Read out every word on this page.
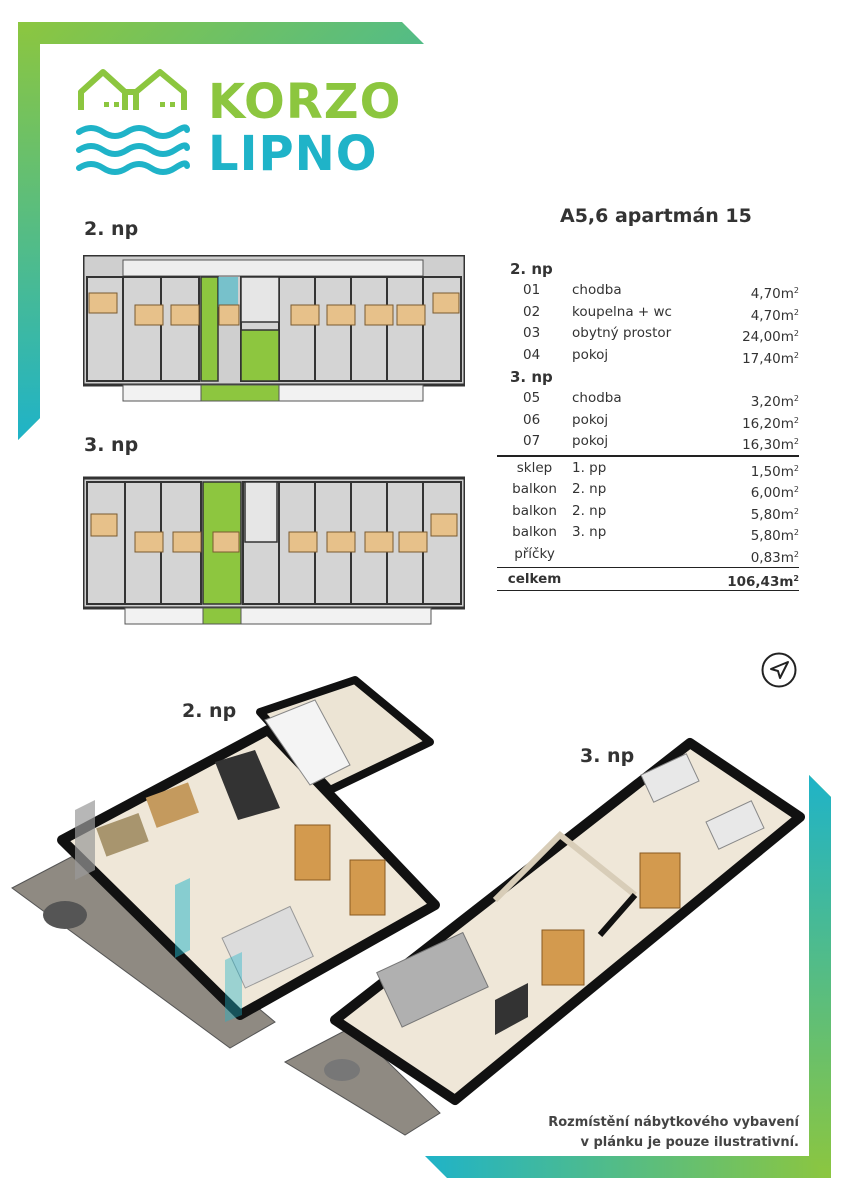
KORZO
LIPNO
2. np
3. np
A5,6 apartmán 15
2. np
01	chodba	$4,70m^2$
02	koupelna + wc	$4,70m^2$
03	obytný prostor	$24,00m^2$
04	pokoj	$17,40m^2$
3. np
05	chodba	$3,20m^2$
06	pokoj	$16,20m^2$
07	pokoj	$16,30m^2$
sklep	1. pp	$1,50m^2$
balkon	2. np	$6,00m^2$
balkon	2. np	$5,80m^2$
balkon	3. np	$5,80m^2$
příčky	$0,83m^2$
celkem	$106,43m^2$
2. np
3. np
Rozmístění nábytkového vybavení
v plánku je pouze ilustrativní.
